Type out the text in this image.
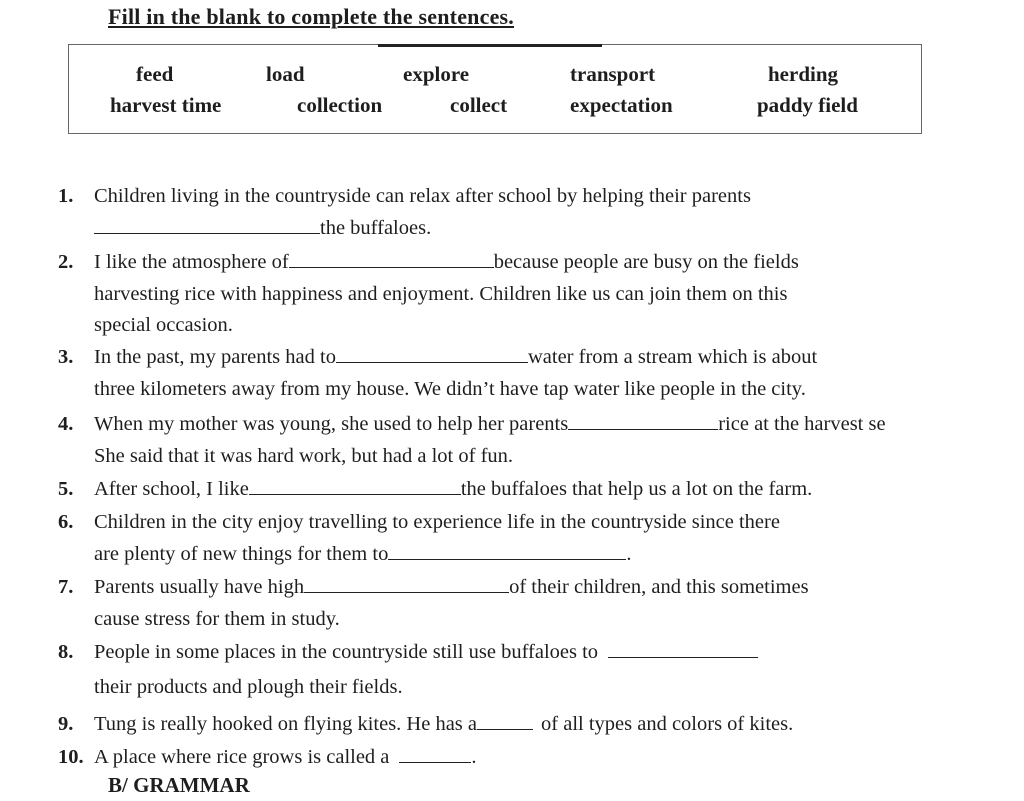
Fill in the blank to complete the sentences.
feed	load	explore	transport	herding
harvest time	collection	collect	expectation	paddy field
1. Children living in the countryside can relax after school by helping their parents
the buffaloes.
2. I like the atmosphere of	because people are busy on the fields
harvesting rice with happiness and enjoyment. Children like us can join them on this
special occasion.
3. In the past, my parents had to	water from a stream which is about
three kilometers away from my house. We didn’t have tap water like people in the city.
4. When my mother was young, she used to help her parents	rice at the harvest se
She said that it was hard work, but had a lot of fun.
5. After school, I like	the buffaloes that help us a lot on the farm.
6. Children in the city enjoy travelling to experience life in the countryside since there
are plenty of new things for them to	.
7. Parents usually have high	of their children, and this sometimes
cause stress for them in study.
8. People in some places in the countryside still use buffaloes to
their products and plough their fields.
9. Tung is really hooked on flying kites. He has a	of all types and colors of kites.
10. A place where rice grows is called a	.
B/ GRAMMAR
